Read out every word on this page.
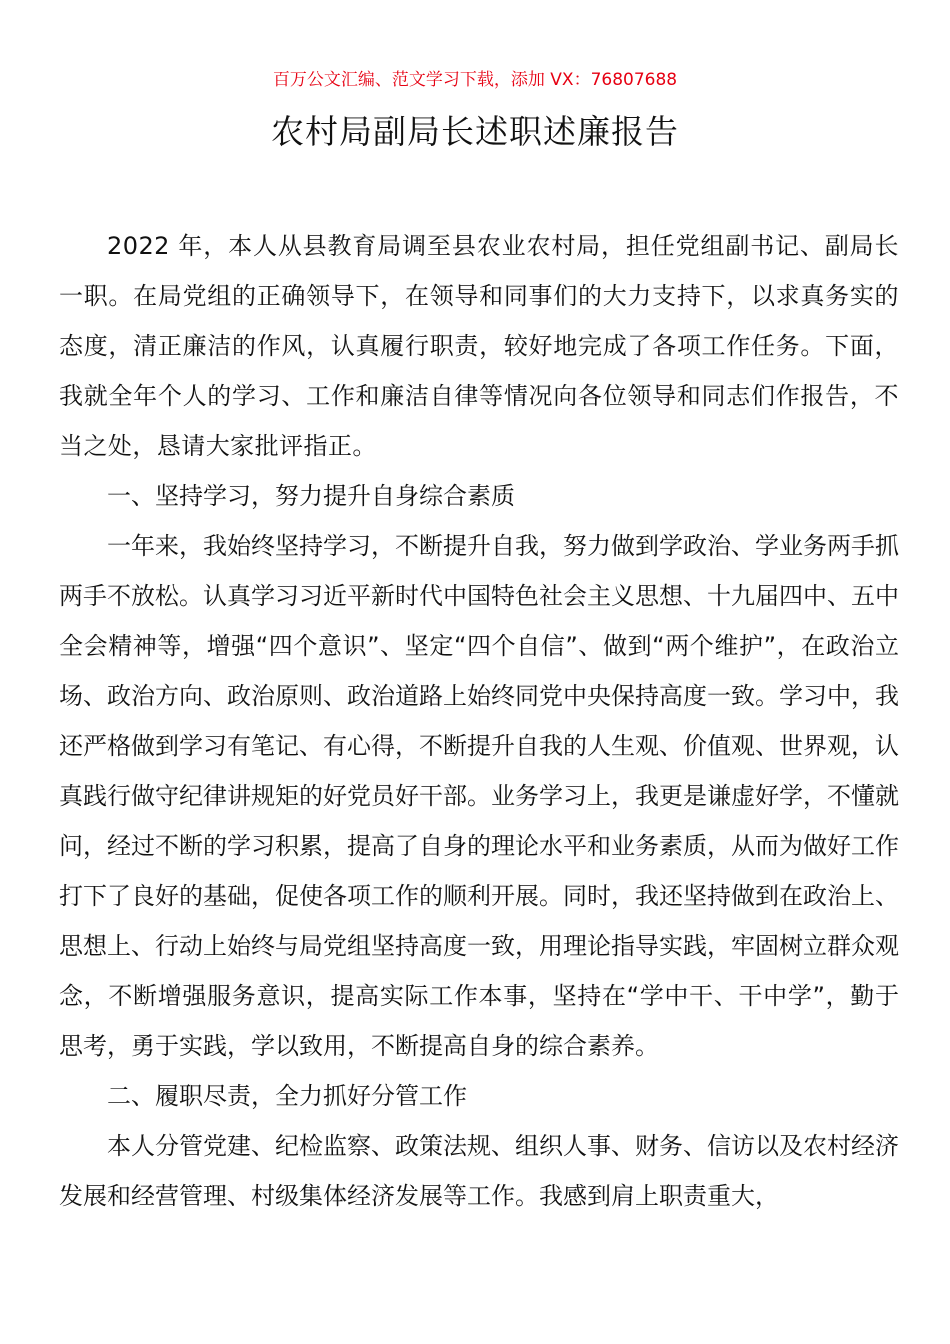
百万公文汇编、范文学习下载，添加 VX：76807688
农村局副局长述职述廉报告

2022 年，本人从县教育局调至县农业农村局，担任党组副书记、副局长一职。在局党组的正确领导下，在领导和同事们的大力支持下，以求真务实的态度，清正廉洁的作风，认真履行职责，较好地完成了各项工作任务。下面，我就全年个人的学习、工作和廉洁自律等情况向各位领导和同志们作报告，不当之处，恳请大家批评指正。

一、坚持学习，努力提升自身综合素质

一年来，我始终坚持学习，不断提升自我，努力做到学政治、学业务两手抓两手不放松。认真学习习近平新时代中国特色社会主义思想、十九届四中、五中全会精神等，增强“四个意识”、坚定“四个自信”、做到“两个维护”，在政治立场、政治方向、政治原则、政治道路上始终同党中央保持高度一致。学习中，我还严格做到学习有笔记、有心得，不断提升自我的人生观、价值观、世界观，认真践行做守纪律讲规矩的好党员好干部。业务学习上，我更是谦虚好学，不懂就问，经过不断的学习积累，提高了自身的理论水平和业务素质，从而为做好工作打下了良好的基础，促使各项工作的顺利开展。同时，我还坚持做到在政治上、思想上、行动上始终与局党组坚持高度一致，用理论指导实践，牢固树立群众观念，不断增强服务意识，提高实际工作本事，坚持在“学中干、干中学”，勤于思考，勇于实践，学以致用，不断提高自身的综合素养。

二、履职尽责，全力抓好分管工作

本人分管党建、纪检监察、政策法规、组织人事、财务、信访以及农村经济发展和经营管理、村级集体经济发展等工作。我感到肩上职责重大，
